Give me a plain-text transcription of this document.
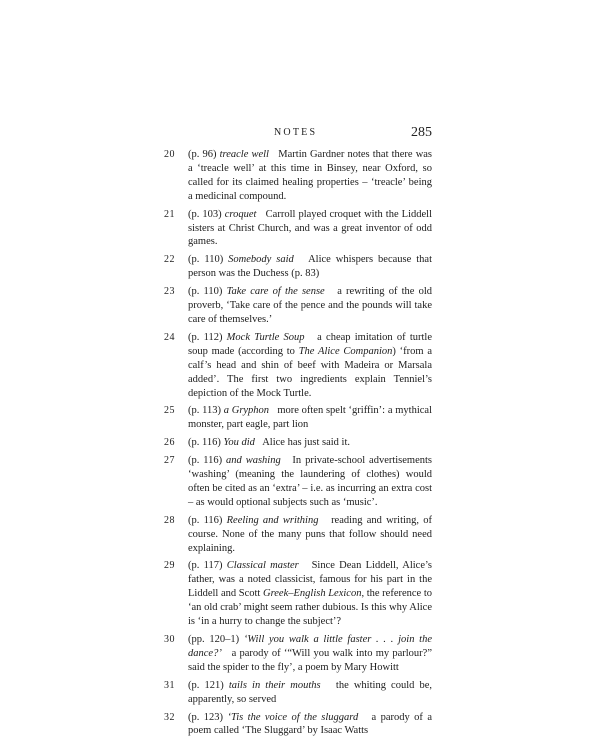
NOTES	285
20	(p. 96) treacle well Martin Gardner notes that there was a ‘treacle well’ at this time in Binsey, near Oxford, so called for its claimed healing properties – ‘treacle’ being a medicinal compound.
21	(p. 103) croquet Carroll played croquet with the Liddell sisters at Christ Church, and was a great inventor of odd games.
22	(p. 110) Somebody said Alice whispers because that person was the Duchess (p. 83)
23	(p. 110) Take care of the sense a rewriting of the old proverb, ‘Take care of the pence and the pounds will take care of themselves.’
24	(p. 112) Mock Turtle Soup a cheap imitation of turtle soup made (according to The Alice Companion) ‘from a calf’s head and shin of beef with Madeira or Marsala added’. The first two ingredients explain Tenniel’s depiction of the Mock Turtle.
25	(p. 113) a Gryphon more often spelt ‘griffin’: a mythical monster, part eagle, part lion
26	(p. 116) You did Alice has just said it.
27	(p. 116) and washing In private-school advertisements ‘washing’ (meaning the laundering of clothes) would often be cited as an ‘extra’ – i.e. as incurring an extra cost – as would optional subjects such as ‘music’.
28	(p. 116) Reeling and writhing reading and writing, of course. None of the many puns that follow should need explaining.
29	(p. 117) Classical master Since Dean Liddell, Alice’s father, was a noted classicist, famous for his part in the Liddell and Scott Greek–English Lexicon, the reference to ‘an old crab’ might seem rather dubious. Is this why Alice is ‘in a hurry to change the subject’?
30	(pp. 120–1) ‘Will you walk a little faster . . . join the dance?’ a parody of ‘“Will you walk into my parlour?” said the spider to the fly’, a poem by Mary Howitt
31	(p. 121) tails in their mouths the whiting could be, apparently, so served
32	(p. 123) ‘Tis the voice of the sluggard a parody of a poem called ‘The Sluggard’ by Isaac Watts
